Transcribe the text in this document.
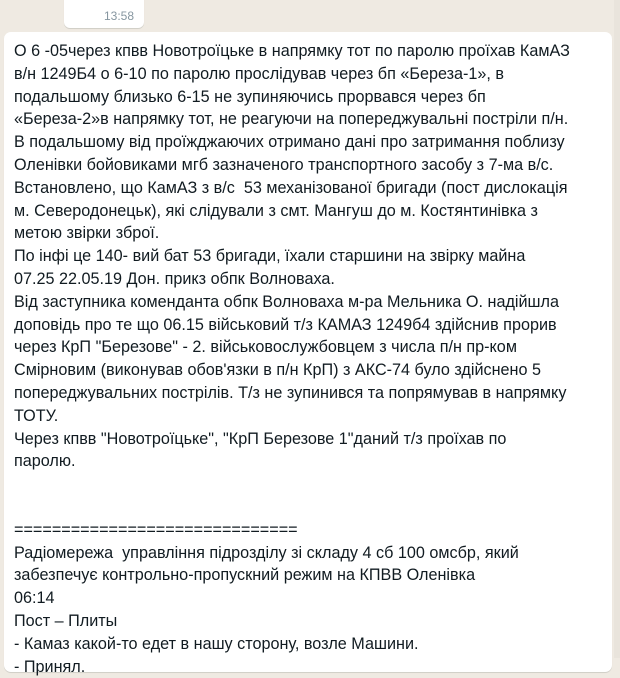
13:58

О 6 -05через кпвв Новотроїцьке в напрямку тот по паролю проїхав КамАЗ
в/н 1249Б4 о 6-10 по паролю прослідував через бп «Береза-1», в
подальшому близько 6-15 не зупиняючись прорвався через бп
«Береза-2»в напрямку тот, не реагуючи на попереджувальні постріли п/н.
В подальшому від проїжджаючих отримано дані про затримання поблизу
Оленівки бойовиками мгб зазначеного транспортного засобу з 7-ма в/с.
Встановлено, що КамАЗ з в/с  53 механізованої бригади (пост дислокація
м. Северодонецьк), які слідували з смт. Мангуш до м. Костянтинівка з
метою звірки зброї.
По інфі це 140- вий бат 53 бригади, їхали старшини на звірку майна
07.25 22.05.19 Дон. прикз обпк Волноваха.
Від заступника коменданта обпк Волноваха м-ра Мельника О. надійшла
доповідь про те що 06.15 військовий т/з КАМАЗ 1249б4 здійснив прорив
через КрП "Березове" - 2. військовослужбовцем з числа п/н пр-ком
Смірновим (виконував обов'язки в п/н КрП) з АКС-74 було здійснено 5
попереджувальних пострілів. Т/з не зупинився та попрямував в напрямку
ТОТУ.
Через кпвв "Новотроїцьке", "КрП Березове 1"даний т/з проїхав по
паролю.

==============================
Радіомережа  управління підрозділу зі складу 4 сб 100 омсбр, який
забезпечує контрольно-пропускний режим на КПВВ Оленівка
06:14
Пост – Плиты
- Камаз какой-то едет в нашу сторону, возле Машини.
- Принял.
